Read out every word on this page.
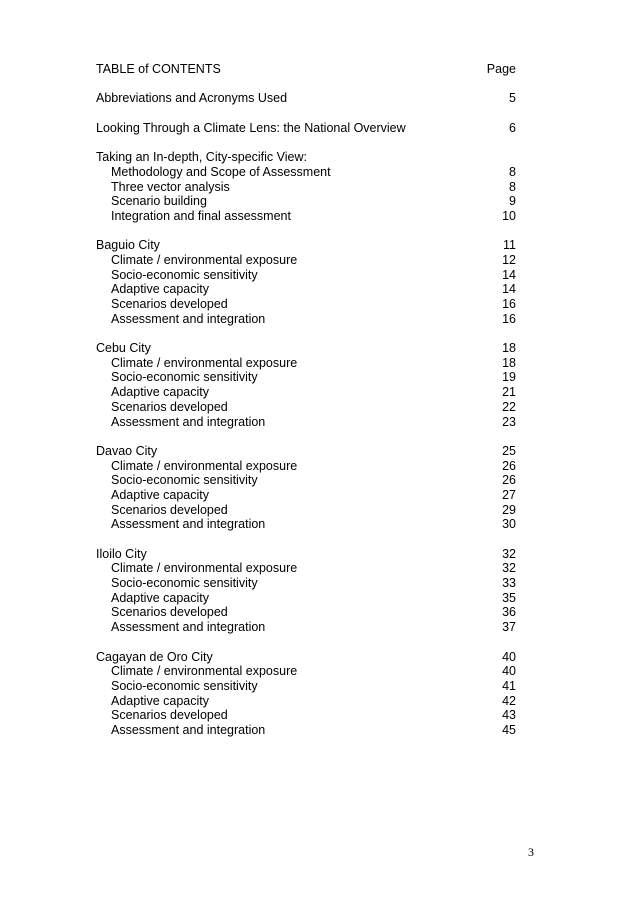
TABLE of CONTENTS	Page
Abbreviations and Acronyms Used	5
Looking Through a Climate Lens: the National Overview	6
Taking an In-depth, City-specific View:
Methodology and Scope of Assessment	8
Three vector analysis	8
Scenario building	9
Integration and final assessment	10
Baguio City	11
Climate / environmental exposure	12
Socio-economic sensitivity	14
Adaptive capacity	14
Scenarios developed	16
Assessment and integration	16
Cebu City	18
Climate / environmental exposure	18
Socio-economic sensitivity	19
Adaptive capacity	21
Scenarios developed	22
Assessment and integration	23
Davao City	25
Climate / environmental exposure	26
Socio-economic sensitivity	26
Adaptive capacity	27
Scenarios developed	29
Assessment and integration	30
Iloilo City	32
Climate / environmental exposure	32
Socio-economic sensitivity	33
Adaptive capacity	35
Scenarios developed	36
Assessment and integration	37
Cagayan de Oro City	40
Climate / environmental exposure	40
Socio-economic sensitivity	41
Adaptive capacity	42
Scenarios developed	43
Assessment and integration	45
3
